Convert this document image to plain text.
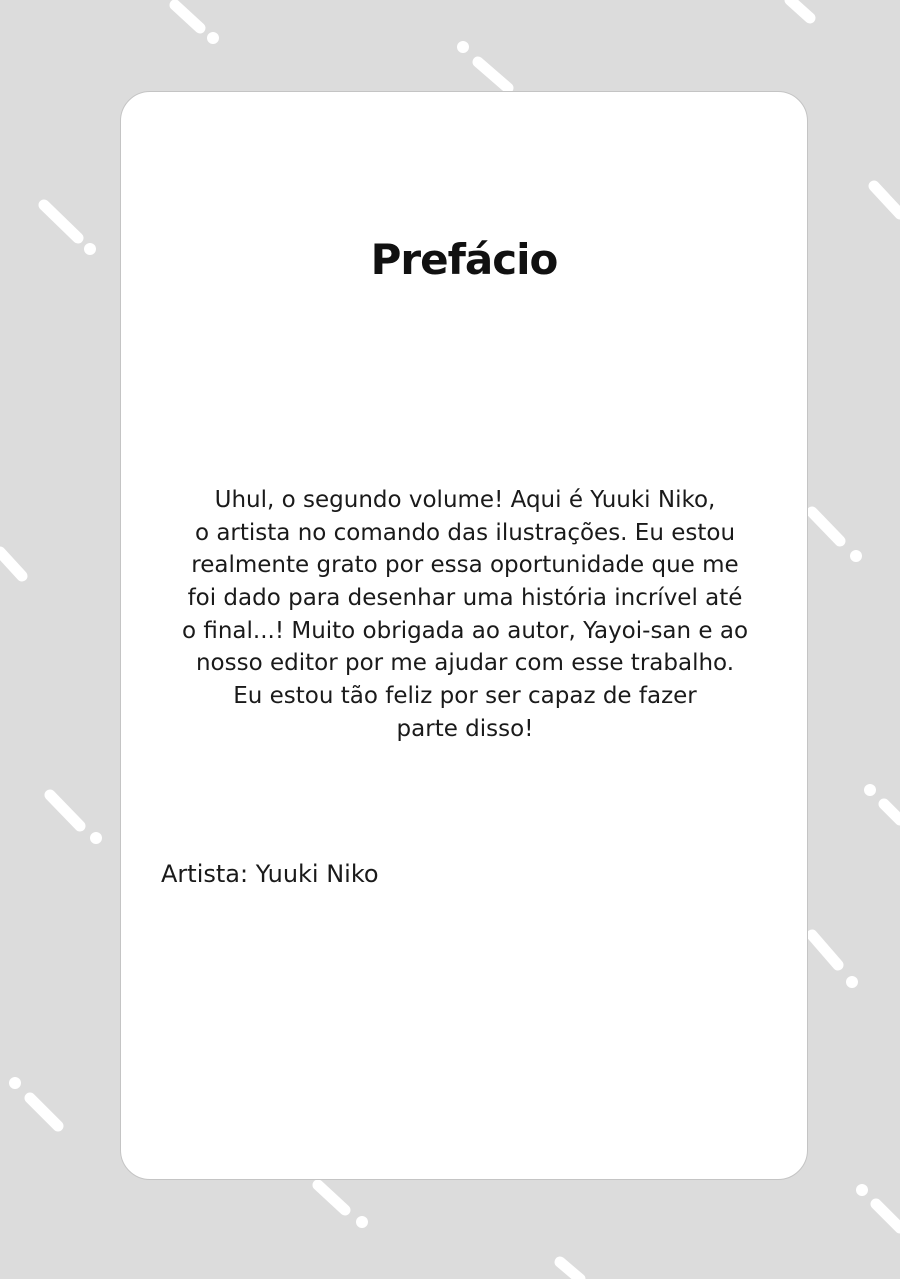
Prefácio
Uhul, o segundo volume! Aqui é Yuuki Niko,
o artista no comando das ilustrações. Eu estou
realmente grato por essa oportunidade que me
foi dado para desenhar uma história incrível até
o final...! Muito obrigada ao autor, Yayoi-san e ao
nosso editor por me ajudar com esse trabalho.
Eu estou tão feliz por ser capaz de fazer
parte disso!
Artista: Yuuki Niko
